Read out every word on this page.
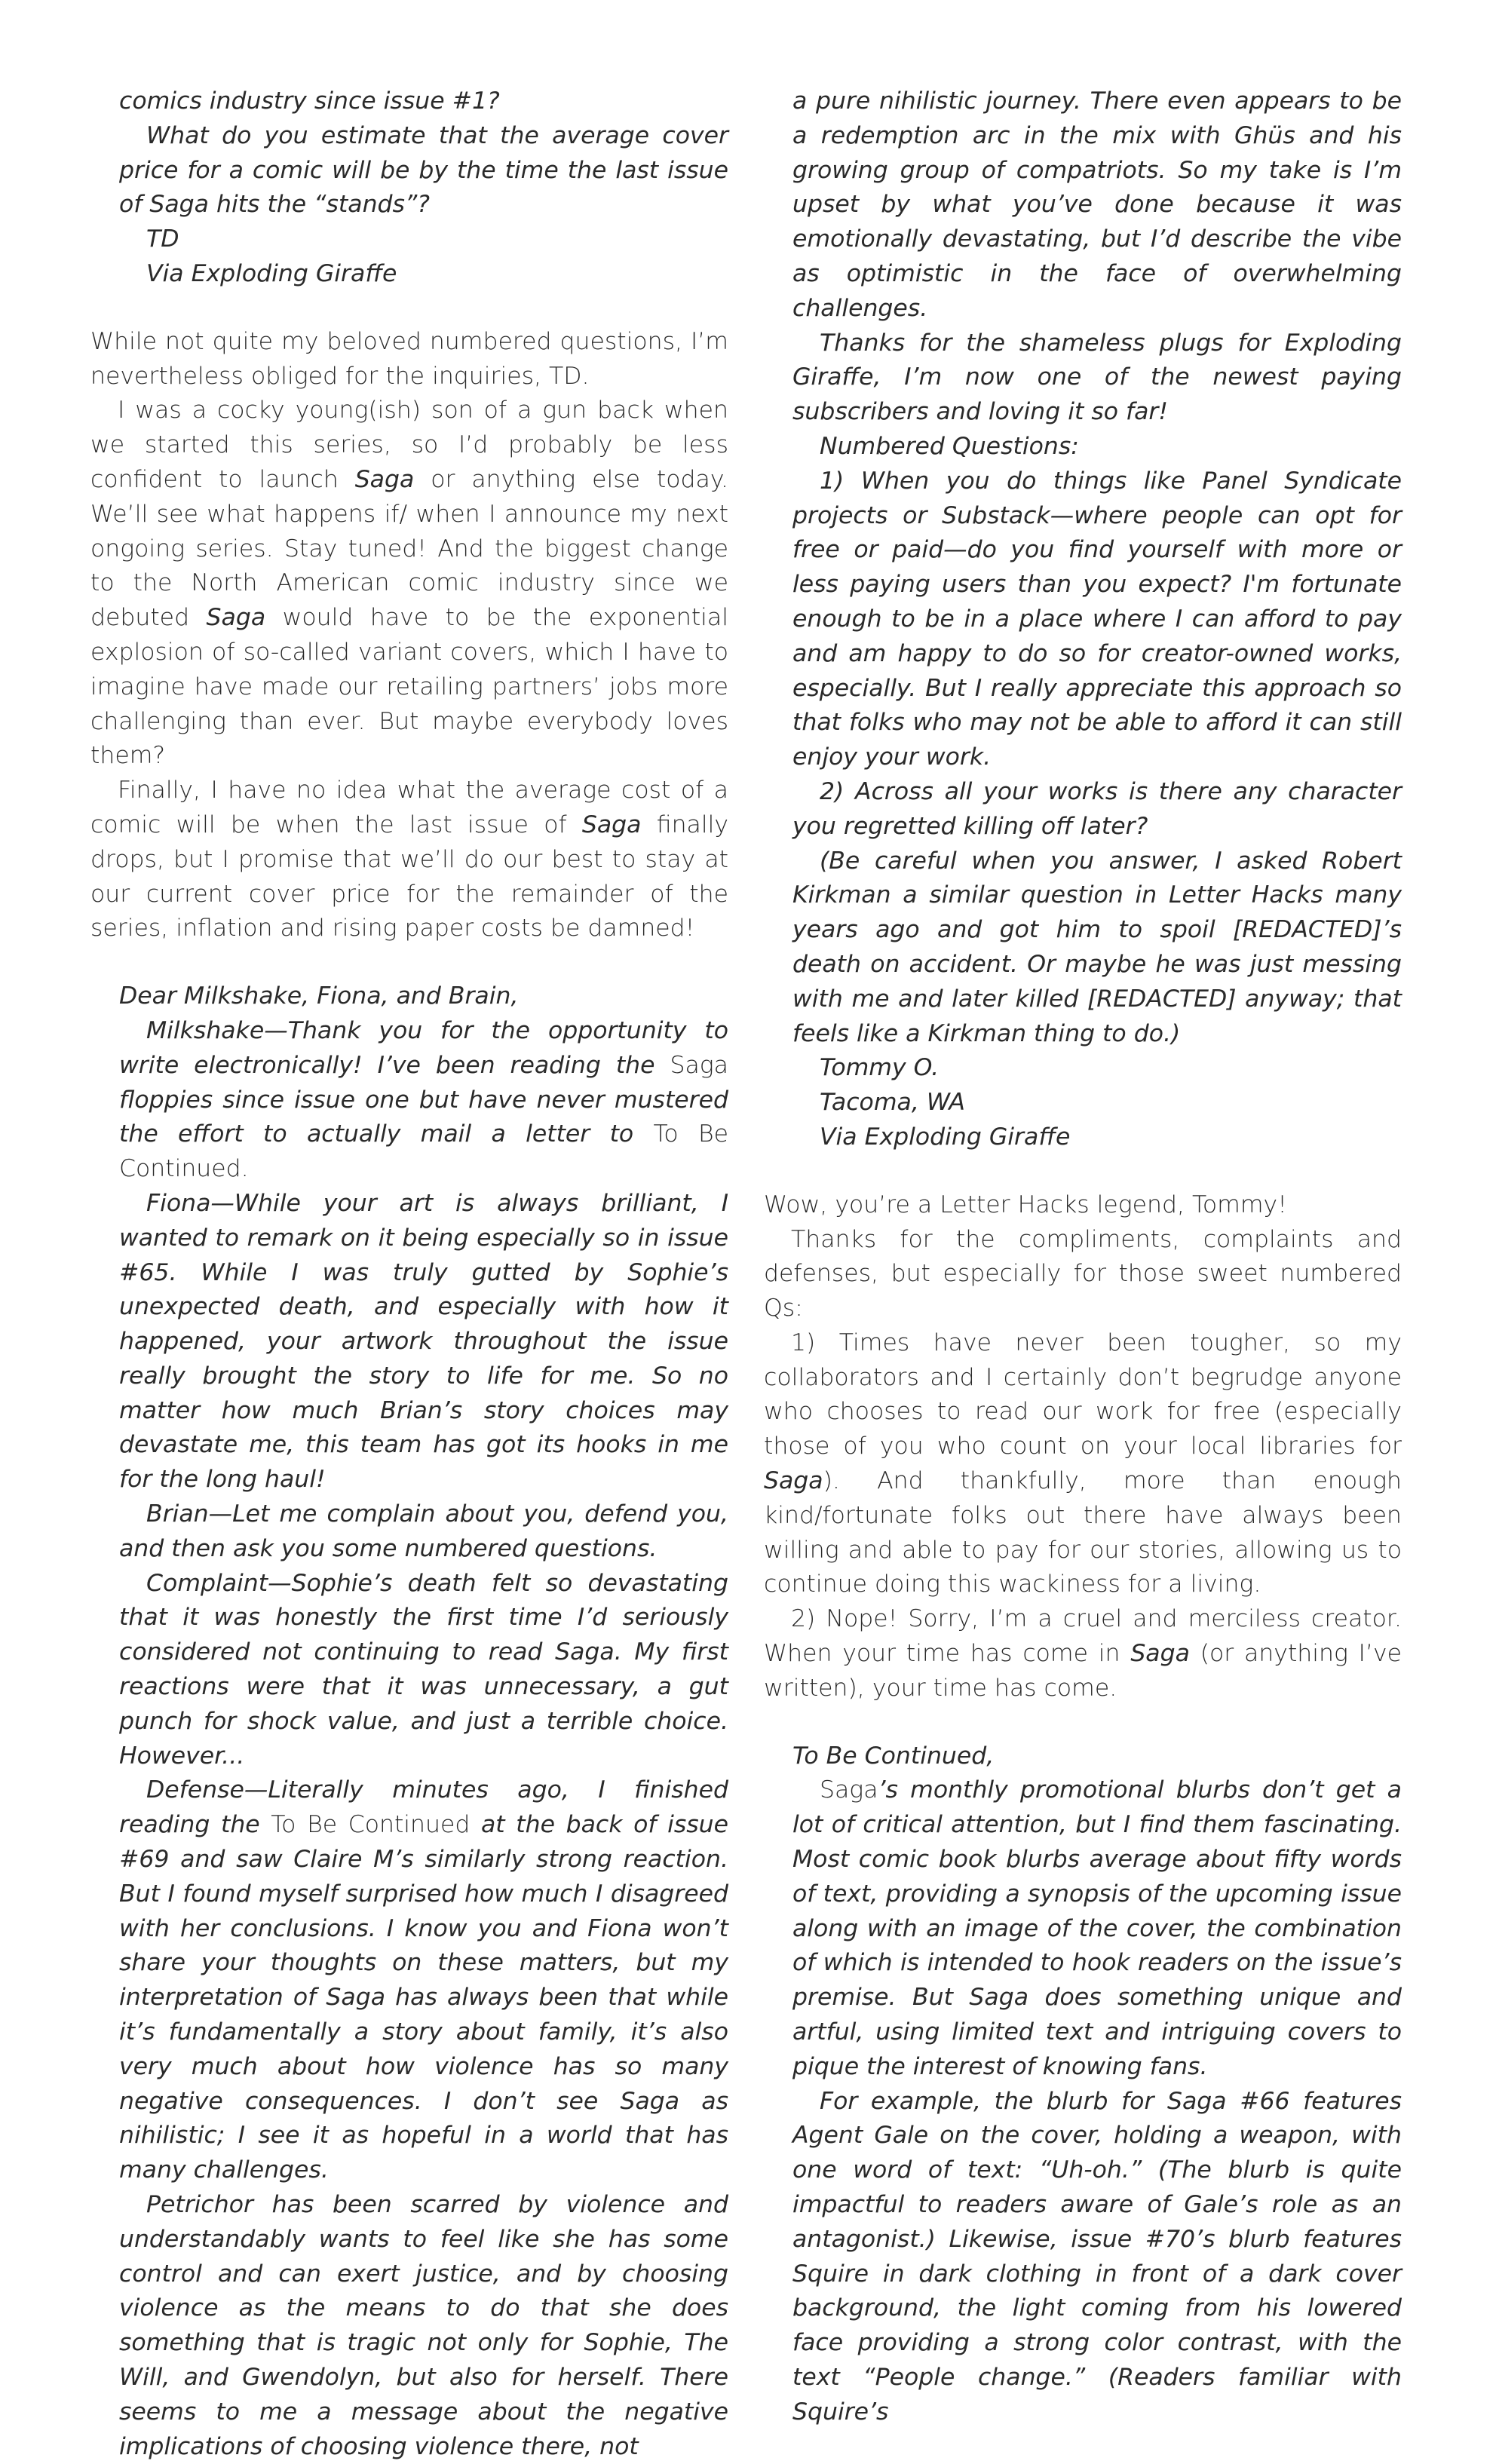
comics industry since issue #1?

What do you estimate that the average cover price for a comic will be by the time the last issue of Saga hits the “stands”?

TD

Via Exploding Giraffe

While not quite my beloved numbered questions, I’m nevertheless obliged for the inquiries, TD.

I was a cocky young(ish) son of a gun back when we started this series, so I’d probably be less confident to launch Saga or anything else today. We’ll see what happens if/ when I announce my next ongoing series. Stay tuned! And the biggest change to the North American comic industry since we debuted Saga would have to be the exponential explosion of so-called variant covers, which I have to imagine have made our retailing partners’ jobs more challenging than ever. But maybe everybody loves them?

Finally, I have no idea what the average cost of a comic will be when the last issue of Saga finally drops, but I promise that we’ll do our best to stay at our current cover price for the remainder of the series, inflation and rising paper costs be damned!

Dear Milkshake, Fiona, and Brain,

Milkshake—Thank you for the opportunity to write electronically! I’ve been reading the Saga floppies since issue one but have never mustered the effort to actually mail a letter to To Be Continued.

Fiona—While your art is always brilliant, I wanted to remark on it being especially so in issue #65. While I was truly gutted by Sophie’s unexpected death, and especially with how it happened, your artwork throughout the issue really brought the story to life for me. So no matter how much Brian’s story choices may devastate me, this team has got its hooks in me for the long haul!

Brian—Let me complain about you, defend you, and then ask you some numbered questions.

Complaint—Sophie’s death felt so devastating that it was honestly the first time I’d seriously considered not continuing to read Saga. My first reactions were that it was unnecessary, a gut punch for shock value, and just a terrible choice. However...

Defense—Literally minutes ago, I finished reading the To Be Continued at the back of issue #69 and saw Claire M’s similarly strong reaction. But I found myself surprised how much I disagreed with her conclusions. I know you and Fiona won’t share your thoughts on these matters, but my interpretation of Saga has always been that while it’s fundamentally a story about family, it’s also very much about how violence has so many negative consequences. I don’t see Saga as nihilistic; I see it as hopeful in a world that has many challenges.

Petrichor has been scarred by violence and understandably wants to feel like she has some control and can exert justice, and by choosing violence as the means to do that she does something that is tragic not only for Sophie, The Will, and Gwendolyn, but also for herself. There seems to me a message about the negative implications of choosing violence there, not

a pure nihilistic journey. There even appears to be a redemption arc in the mix with Ghüs and his growing group of compatriots. So my take is I’m upset by what you’ve done because it was emotionally devastating, but I’d describe the vibe as optimistic in the face of overwhelming challenges.

Thanks for the shameless plugs for Exploding Giraffe, I’m now one of the newest paying subscribers and loving it so far!

Numbered Questions:

1) When you do things like Panel Syndicate projects or Substack—where people can opt for free or paid—do you find yourself with more or less paying users than you expect? I'm fortunate enough to be in a place where I can afford to pay and am happy to do so for creator-owned works, especially. But I really appreciate this approach so that folks who may not be able to afford it can still enjoy your work.

2) Across all your works is there any character you regretted killing off later?

(Be careful when you answer, I asked Robert Kirkman a similar question in Letter Hacks many years ago and got him to spoil [REDACTED]’s death on accident. Or maybe he was just messing with me and later killed [REDACTED] anyway; that feels like a Kirkman thing to do.)

Tommy O.

Tacoma, WA

Via Exploding Giraffe

Wow, you’re a Letter Hacks legend, Tommy!

Thanks for the compliments, complaints and defenses, but especially for those sweet numbered Qs:

1) Times have never been tougher, so my collaborators and I certainly don’t begrudge anyone who chooses to read our work for free (especially those of you who count on your local libraries for Saga). And thankfully, more than enough kind/fortunate folks out there have always been willing and able to pay for our stories, allowing us to continue doing this wackiness for a living.

2) Nope! Sorry, I’m a cruel and merciless creator. When your time has come in Saga (or anything I’ve written), your time has come.

To Be Continued,

Saga’s monthly promotional blurbs don’t get a lot of critical attention, but I find them fascinating. Most comic book blurbs average about fifty words of text, providing a synopsis of the upcoming issue along with an image of the cover, the combination of which is intended to hook readers on the issue’s premise. But Saga does something unique and artful, using limited text and intriguing covers to pique the interest of knowing fans.

For example, the blurb for Saga #66 features Agent Gale on the cover, holding a weapon, with one word of text: “Uh-oh.” (The blurb is quite impactful to readers aware of Gale’s role as an antagonist.) Likewise, issue #70’s blurb features Squire in dark clothing in front of a dark cover background, the light coming from his lowered face providing a strong color contrast, with the text “People change.” (Readers familiar with Squire’s
